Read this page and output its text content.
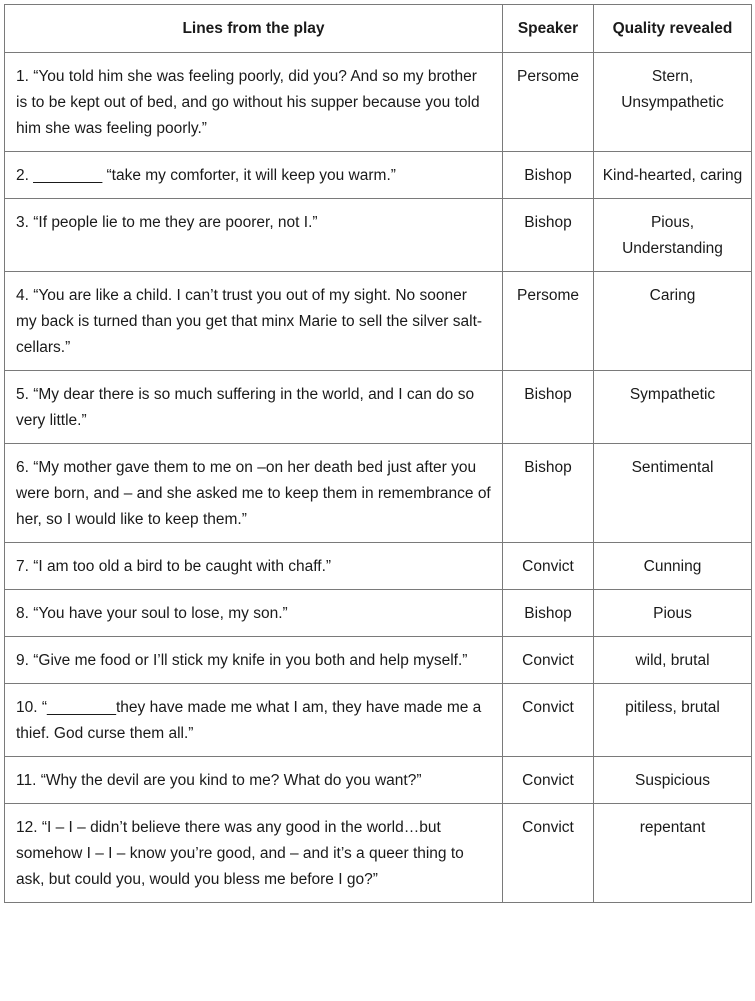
Lines from the play	Speaker	Quality revealed

1. “You told him she was feeling poorly, did you? And so my brother is to be kept out of bed, and go without his supper because you told him she was feeling poorly.”	Persome	Stern, Unsympathetic

2. ________ “take my comforter, it will keep you warm.”	Bishop	Kind-hearted, caring

3. “If people lie to me they are poorer, not I.”	Bishop	Pious, Understanding

4. “You are like a child. I can’t trust you out of my sight. No sooner my back is turned than you get that minx Marie to sell the silver salt-cellars.”	Persome	Caring

5. “My dear there is so much suffering in the world, and I can do so very little.”	Bishop	Sympathetic

6. “My mother gave them to me on –on her death bed just after you were born, and – and she asked me to keep them in remembrance of her, so I would like to keep them.”	Bishop	Sentimental

7. “I am too old a bird to be caught with chaff.”	Convict	Cunning

8. “You have your soul to lose, my son.”	Bishop	Pious

9. “Give me food or I’ll stick my knife in you both and help myself.”	Convict	wild, brutal

10. “________they have made me what I am, they have made me a thief. God curse them all.”	Convict	pitiless, brutal

11. “Why the devil are you kind to me? What do you want?”	Convict	Suspicious

12. “I – I – didn’t believe there was any good in the world…but somehow I – I – know you’re good, and – and it’s a queer thing to ask, but could you, would you bless me before I go?”	Convict	repentant
